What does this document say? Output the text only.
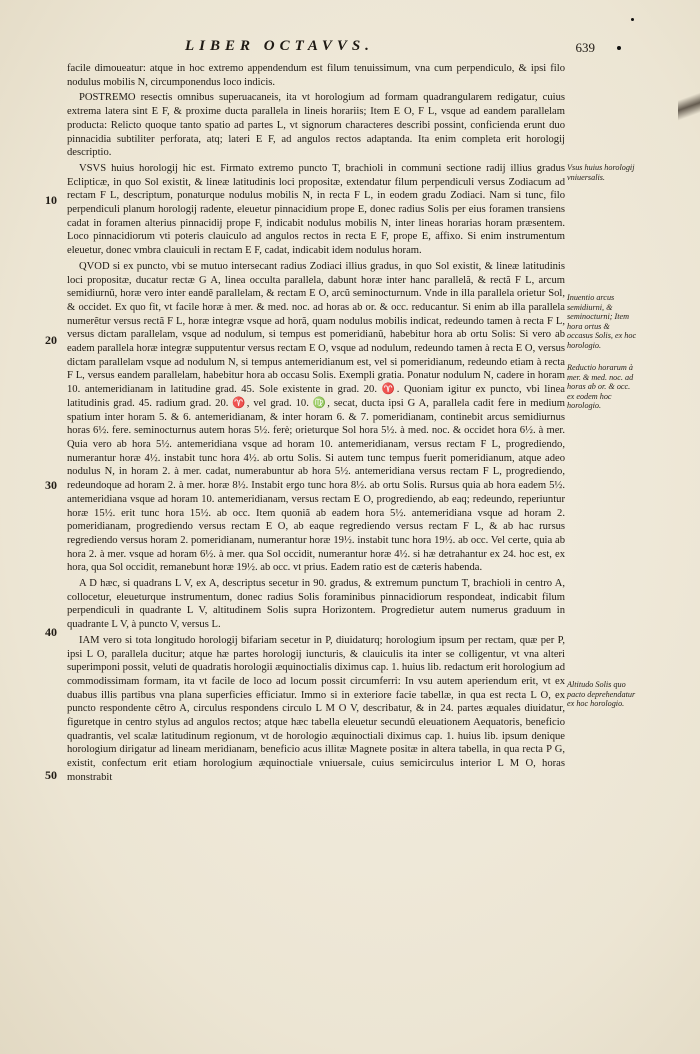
LIBER OCTAVVS.	639
10
20
30
40
50

facile dimoueatur: atque in hoc extremo appendendum est filum tenuissimum, vna cum perpendiculo, & ipsi filo nodulus mobilis N, circumponendus loco indicis.

POSTREMO resectis omnibus superuacaneis, ita vt horologium ad formam quadrangularem redigatur, cuius extrema latera sint E F, & proxime ducta parallela in lineis horariis; Item E O, F L, vsque ad eandem parallelam producta: Relicto quoque tanto spatio ad partes L, vt signorum characteres describi possint, conficienda erunt duo pinnacidia subtiliter perforata, atq; lateri E F, ad angulos rectos adaptanda. Ita enim completa erit horologij descriptio.

VSVS huius horologij hic est. Firmato extremo puncto T, brachioli in communi sectione radij illius gradus Eclipticæ, in quo Sol existit, & lineæ latitudinis loci propositæ, extendatur filum perpendiculi versus Zodiacum ad rectam F L, descriptum, ponaturque nodulus mobilis N, in recta F L, in eodem gradu Zodiaci. Nam si tunc, filo perpendiculi planum horologij radente, eleuetur pinnacidium prope E, donec radius Solis per eius foramen transiens cadat in foramen alterius pinnacidij prope F, indicabit nodulus mobilis N, inter lineas horarias horam præsentem. Loco pinnacidiorum vti poteris clauiculo ad angulos rectos in recta E F, prope E, affixo. Si enim instrumentum eleuetur, donec vmbra clauiculi in rectam E F, cadat, indicabit idem nodulus horam.

QVOD si ex puncto, vbi se mutuo intersecant radius Zodiaci illius gradus, in quo Sol existit, & lineæ latitudinis loci propositæ, ducatur rectæ G A, linea occulta parallela, dabunt horæ inter hanc parallelã, & rectã F L, arcum semidiurnũ, horæ vero inter eandẽ parallelam, & rectam E O, arcũ seminocturnum. Vnde in illa parallela orietur Sol, & occidet. Ex quo fit, vt facile horæ à mer. & med. noc. ad horas ab or. & occ. reducantur. Si enim ab illa parallela numerẽtur versus rectã F L, horæ integræ vsque ad horã, quam nodulus mobilis indicat, redeundo tamen à recta F L, versus dictam parallelam, vsque ad nodulum, si tempus est pomeridianũ, habebitur hora ab ortu Solis: Si vero ab eadem parallela horæ integræ supputentur versus rectam E O, vsque ad nodulum, redeundo tamen à recta E O, versus dictam parallelam vsque ad nodulum N, si tempus antemeridianum est, vel si pomeridianum, redeundo etiam à recta F L, versus eandem parallelam, habebitur hora ab occasu Solis. Exempli gratia. Ponatur nodulum N, cadere in horam 10. antemeridianam in latitudine grad. 45. Sole existente in grad. 20. ♈. Quoniam igitur ex puncto, vbi linea latitudinis grad. 45. radium grad. 20. ♈, vel grad. 10. ♍, secat, ducta ipsi G A, parallela cadit fere in medium spatium inter horam 5. & 6. antemeridianam, & inter horam 6. & 7. pomeridianam, continebit arcus semidiurnus horas 6½. fere. seminocturnus autem horas 5½. ferè; orieturque Sol hora 5½. à med. noc. & occidet hora 6½. à mer. Quia vero ab hora 5½. antemeridiana vsque ad horam 10. antemeridianam, versus rectam F L, progrediendo, numerantur horæ 4½. instabit tunc hora 4½. ab ortu Solis. Si autem tunc tempus fuerit pomeridianum, atque adeo nodulus N, in horam 2. à mer. cadat, numerabuntur ab hora 5½. antemeridiana versus rectam F L, progrediendo, redeundoque ad horam 2. à mer. horæ 8½. Instabit ergo tunc hora 8½. ab ortu Solis. Rursus quia ab hora eadem 5½. antemeridiana vsque ad horam 10. antemeridianam, versus rectam E O, progrediendo, ab eaq; redeundo, reperiuntur horæ 15½. erit tunc hora 15½. ab occ. Item quoniã ab eadem hora 5½. antemeridiana vsque ad horam 2. pomeridianam, progrediendo versus rectam E O, ab eaque regrediendo versus rectam F L, & ab hac rursus regrediendo versus horam 2. pomeridianam, numerantur horæ 19½. instabit tunc hora 19½. ab occ. Vel certe, quia ab hora 2. à mer. vsque ad horam 6½. à mer. qua Sol occidit, numerantur horæ 4½. si hæ detrahantur ex 24. hoc est, ex hora, qua Sol occidit, remanebunt horæ 19½. ab occ. vt prius. Eadem ratio est de cæteris habenda.

A D hæc, si quadrans L V, ex A, descriptus secetur in 90. gradus, & extremum punctum T, brachioli in centro A, collocetur, eleueturque instrumentum, donec radius Solis foraminibus pinnacidiorum respondeat, indicabit filum perpendiculi in quadrante L V, altitudinem Solis supra Horizontem. Progredietur autem numerus graduum in quadrante L V, à puncto V, versus L.

IAM vero si tota longitudo horologij bifariam secetur in P, diuidaturq; horologium ipsum per rectam, quæ per P, ipsi L O, parallela ducitur; atque hæ partes horologij iuncturis, & clauiculis ita inter se colligentur, vt vna alteri superimponi possit, veluti de quadratis horologii æquinoctialis diximus cap. 1. huius lib. redactum erit horologium ad commodissimam formam, ita vt facile de loco ad locum possit circumferri: In vsu autem aperiendum erit, vt ex duabus illis partibus vna plana superficies efficiatur. Immo si in exteriore facie tabellæ, in qua est recta L O, ex puncto respondente cẽtro A, circulus respondens circulo L M O V, describatur, & in 24. partes æquales diuidatur, figuretque in centro stylus ad angulos rectos; atque hæc tabella eleuetur secundũ eleuationem Aequatoris, beneficio quadrantis, vel scalæ latitudinum regionum, vt de horologio æquinoctiali diximus cap. 1. huius lib. ipsum denique horologium dirigatur ad lineam meridianam, beneficio acus illitæ Magnete positæ in altera tabella, in qua recta P G, existit, confectum erit etiam horologium æquinoctiale vniuersale, cuius semicirculus interior L M O, horas monstrabit

Vsus huius horologij vniuersalis.
Inuentio arcus semidiurni, & seminocturni; Item hora ortus & occasus Solis, ex hoc horologio.
Reductio horarum à mer. & med. noc. ad horas ab or. & occ. ex eodem hoc horologio.
Altitudo Solis quo pacto deprehendatur ex hoc horologio.
